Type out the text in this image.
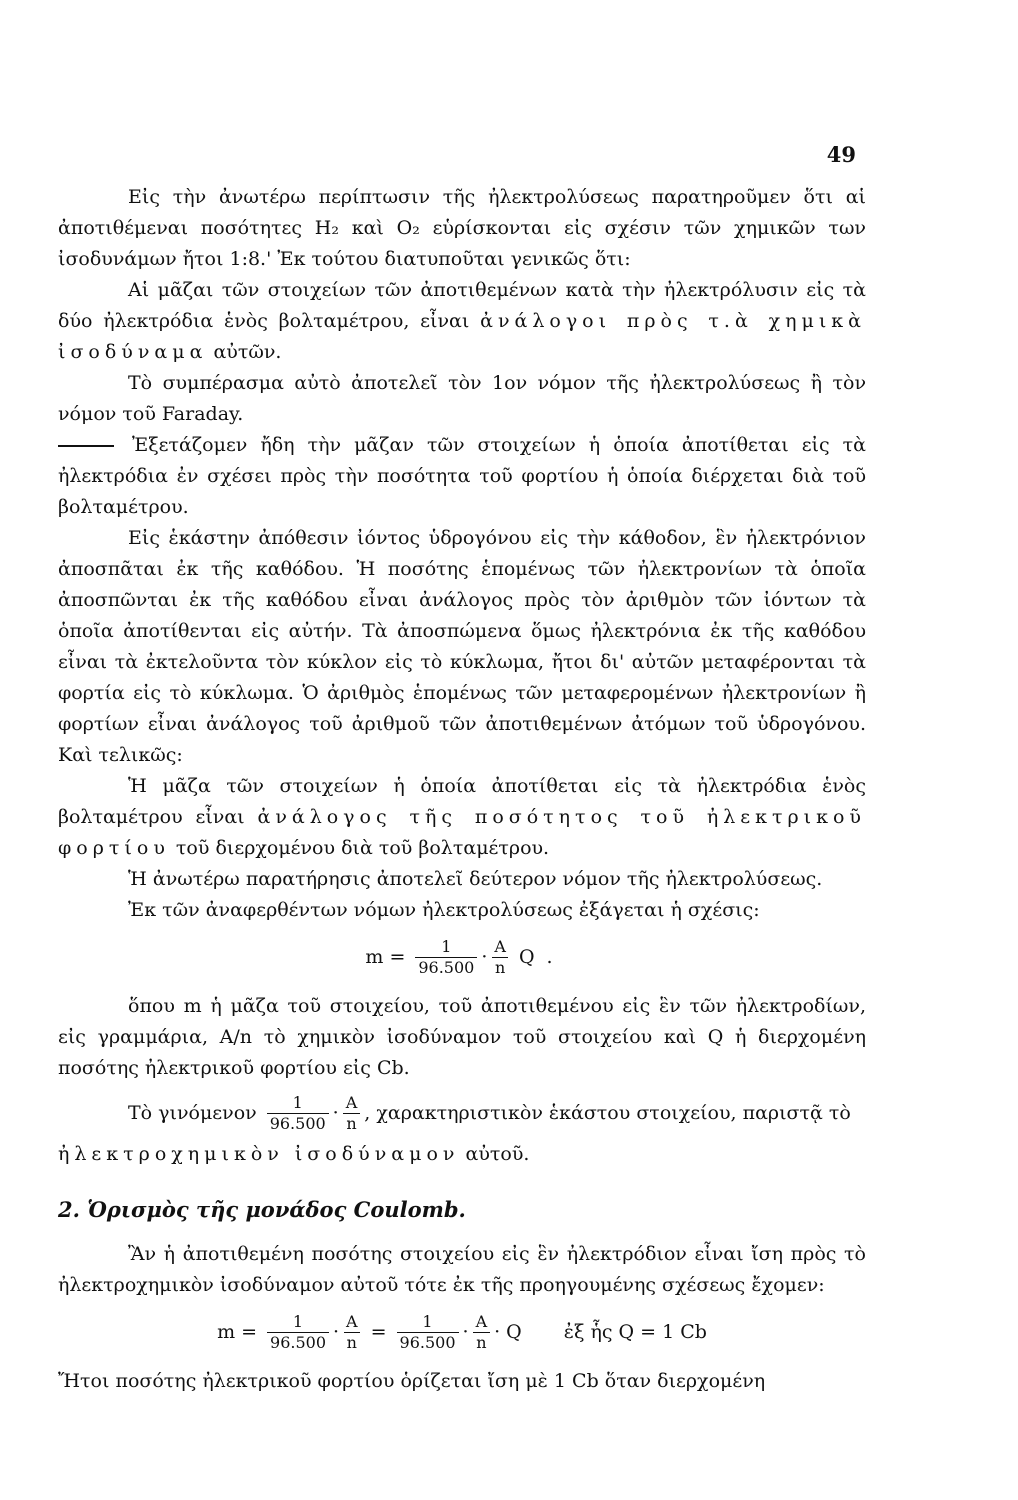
49

Εἰς τὴν ἀνωτέρω περίπτωσιν τῆς ἠλεκτρολύσεως παρατηροῦμεν ὅτι αἱ ἀποτιθέμεναι ποσότητες H₂ καὶ O₂ εὑρίσκονται εἰς σχέσιν τῶν χημικῶν των ἰσοδυνάμων ἤτοι 1:8.' Ἐκ τούτου διατυποῦται γενικῶς ὅτι:

Αἱ μᾶζαι τῶν στοιχείων τῶν ἀποτιθεμένων κατὰ τὴν ἠλεκτρόλυσιν εἰς τὰ δύο ἠλεκτρόδια ἑνὸς βολταμέτρου, εἶναι ἀνάλογοι πρὸς τ.ὰ χημικὰ ἰσοδύναμα αὐτῶν.

Τὸ συμπέρασμα αὐτὸ ἀποτελεῖ τὸν 1ον νόμον τῆς ἠλεκτρολύσεως ἢ τὸν νόμον τοῦ Faraday.

Ἐξετάζομεν ἤδη τὴν μᾶζαν τῶν στοιχείων ἡ ὁποία ἀποτίθεται εἰς τὰ ἠλεκτρόδια ἐν σχέσει πρὸς τὴν ποσότητα τοῦ φορτίου ἡ ὁποία διέρχεται διὰ τοῦ βολταμέτρου.

Εἰς ἑκάστην ἀπόθεσιν ἰόντος ὑδρογόνου εἰς τὴν κάθοδον, ἓν ἠλεκτρόνιον ἀποσπᾶται ἐκ τῆς καθόδου. Ἡ ποσότης ἑπομένως τῶν ἠλεκτρονίων τὰ ὁποῖα ἀποσπῶνται ἐκ τῆς καθόδου εἶναι ἀνάλογος πρὸς τὸν ἀριθμὸν τῶν ἰόντων τὰ ὁποῖα ἀποτίθενται εἰς αὐτήν. Τὰ ἀποσπώμενα ὅμως ἠλεκτρόνια ἐκ τῆς καθόδου εἶναι τὰ ἐκτελοῦντα τὸν κύκλον εἰς τὸ κύκλωμα, ἤτοι δι' αὐτῶν μεταφέρονται τὰ φορτία εἰς τὸ κύκλωμα. Ὁ ἀριθμὸς ἑπομένως τῶν μεταφερομένων ἠλεκτρονίων ἢ φορτίων εἶναι ἀνάλογος τοῦ ἀριθμοῦ τῶν ἀποτιθεμένων ἀτόμων τοῦ ὑδρογόνου. Καὶ τελικῶς:

Ἡ μᾶζα τῶν στοιχείων ἡ ὁποία ἀποτίθεται εἰς τὰ ἠλεκτρόδια ἑνὸς βολταμέτρου εἶναι ἀνάλογος τῆς ποσότητος τοῦ ἠλεκτρικοῦ φορτίου τοῦ διερχομένου διὰ τοῦ βολταμέτρου.

Ἡ ἀνωτέρω παρατήρησις ἀποτελεῖ δεύτερον νόμον τῆς ἠλεκτρολύσεως.

Ἐκ τῶν ἀναφερθέντων νόμων ἠλεκτρολύσεως ἐξάγεται ἡ σχέσις:

$m = \frac{1}{96.500} \cdot \frac{A}{n}$ Q .

ὅπου m ἡ μᾶζα τοῦ στοιχείου, τοῦ ἀποτιθεμένου εἰς ἓν τῶν ἠλεκτροδίων, εἰς γραμμάρια, A/n τὸ χημικὸν ἰσοδύναμον τοῦ στοιχείου καὶ Q ἡ διερχομένη ποσότης ἠλεκτρικοῦ φορτίου εἰς Cb.

Τὸ γινόμενον $\frac{1}{96.500} \cdot \frac{A}{n}$ , χαρακτηριστικὸν ἑκάστου στοιχείου, παριστᾷ τὸ

ἠλεκτροχημικὸν ἰσοδύναμον αὐτοῦ.

2. Ὁρισμὸς τῆς μονάδος Coulomb.

Ἂν ἡ ἀποτιθεμένη ποσότης στοιχείου εἰς ἓν ἠλεκτρόδιον εἶναι ἴση πρὸς τὸ ἠλεκτροχημικὸν ἰσοδύναμον αὐτοῦ τότε ἐκ τῆς προηγουμένης σχέσεως ἔχομεν:

$m = \frac{1}{96.500} \cdot \frac{A}{n} = \frac{1}{96.500} \cdot \frac{A}{n} \cdot Q$ ἐξ ἧς Q = 1 Cb

Ἤτοι ποσότης ἠλεκτρικοῦ φορτίου ὁρίζεται ἴση μὲ 1 Cb ὅταν διερχομένη
